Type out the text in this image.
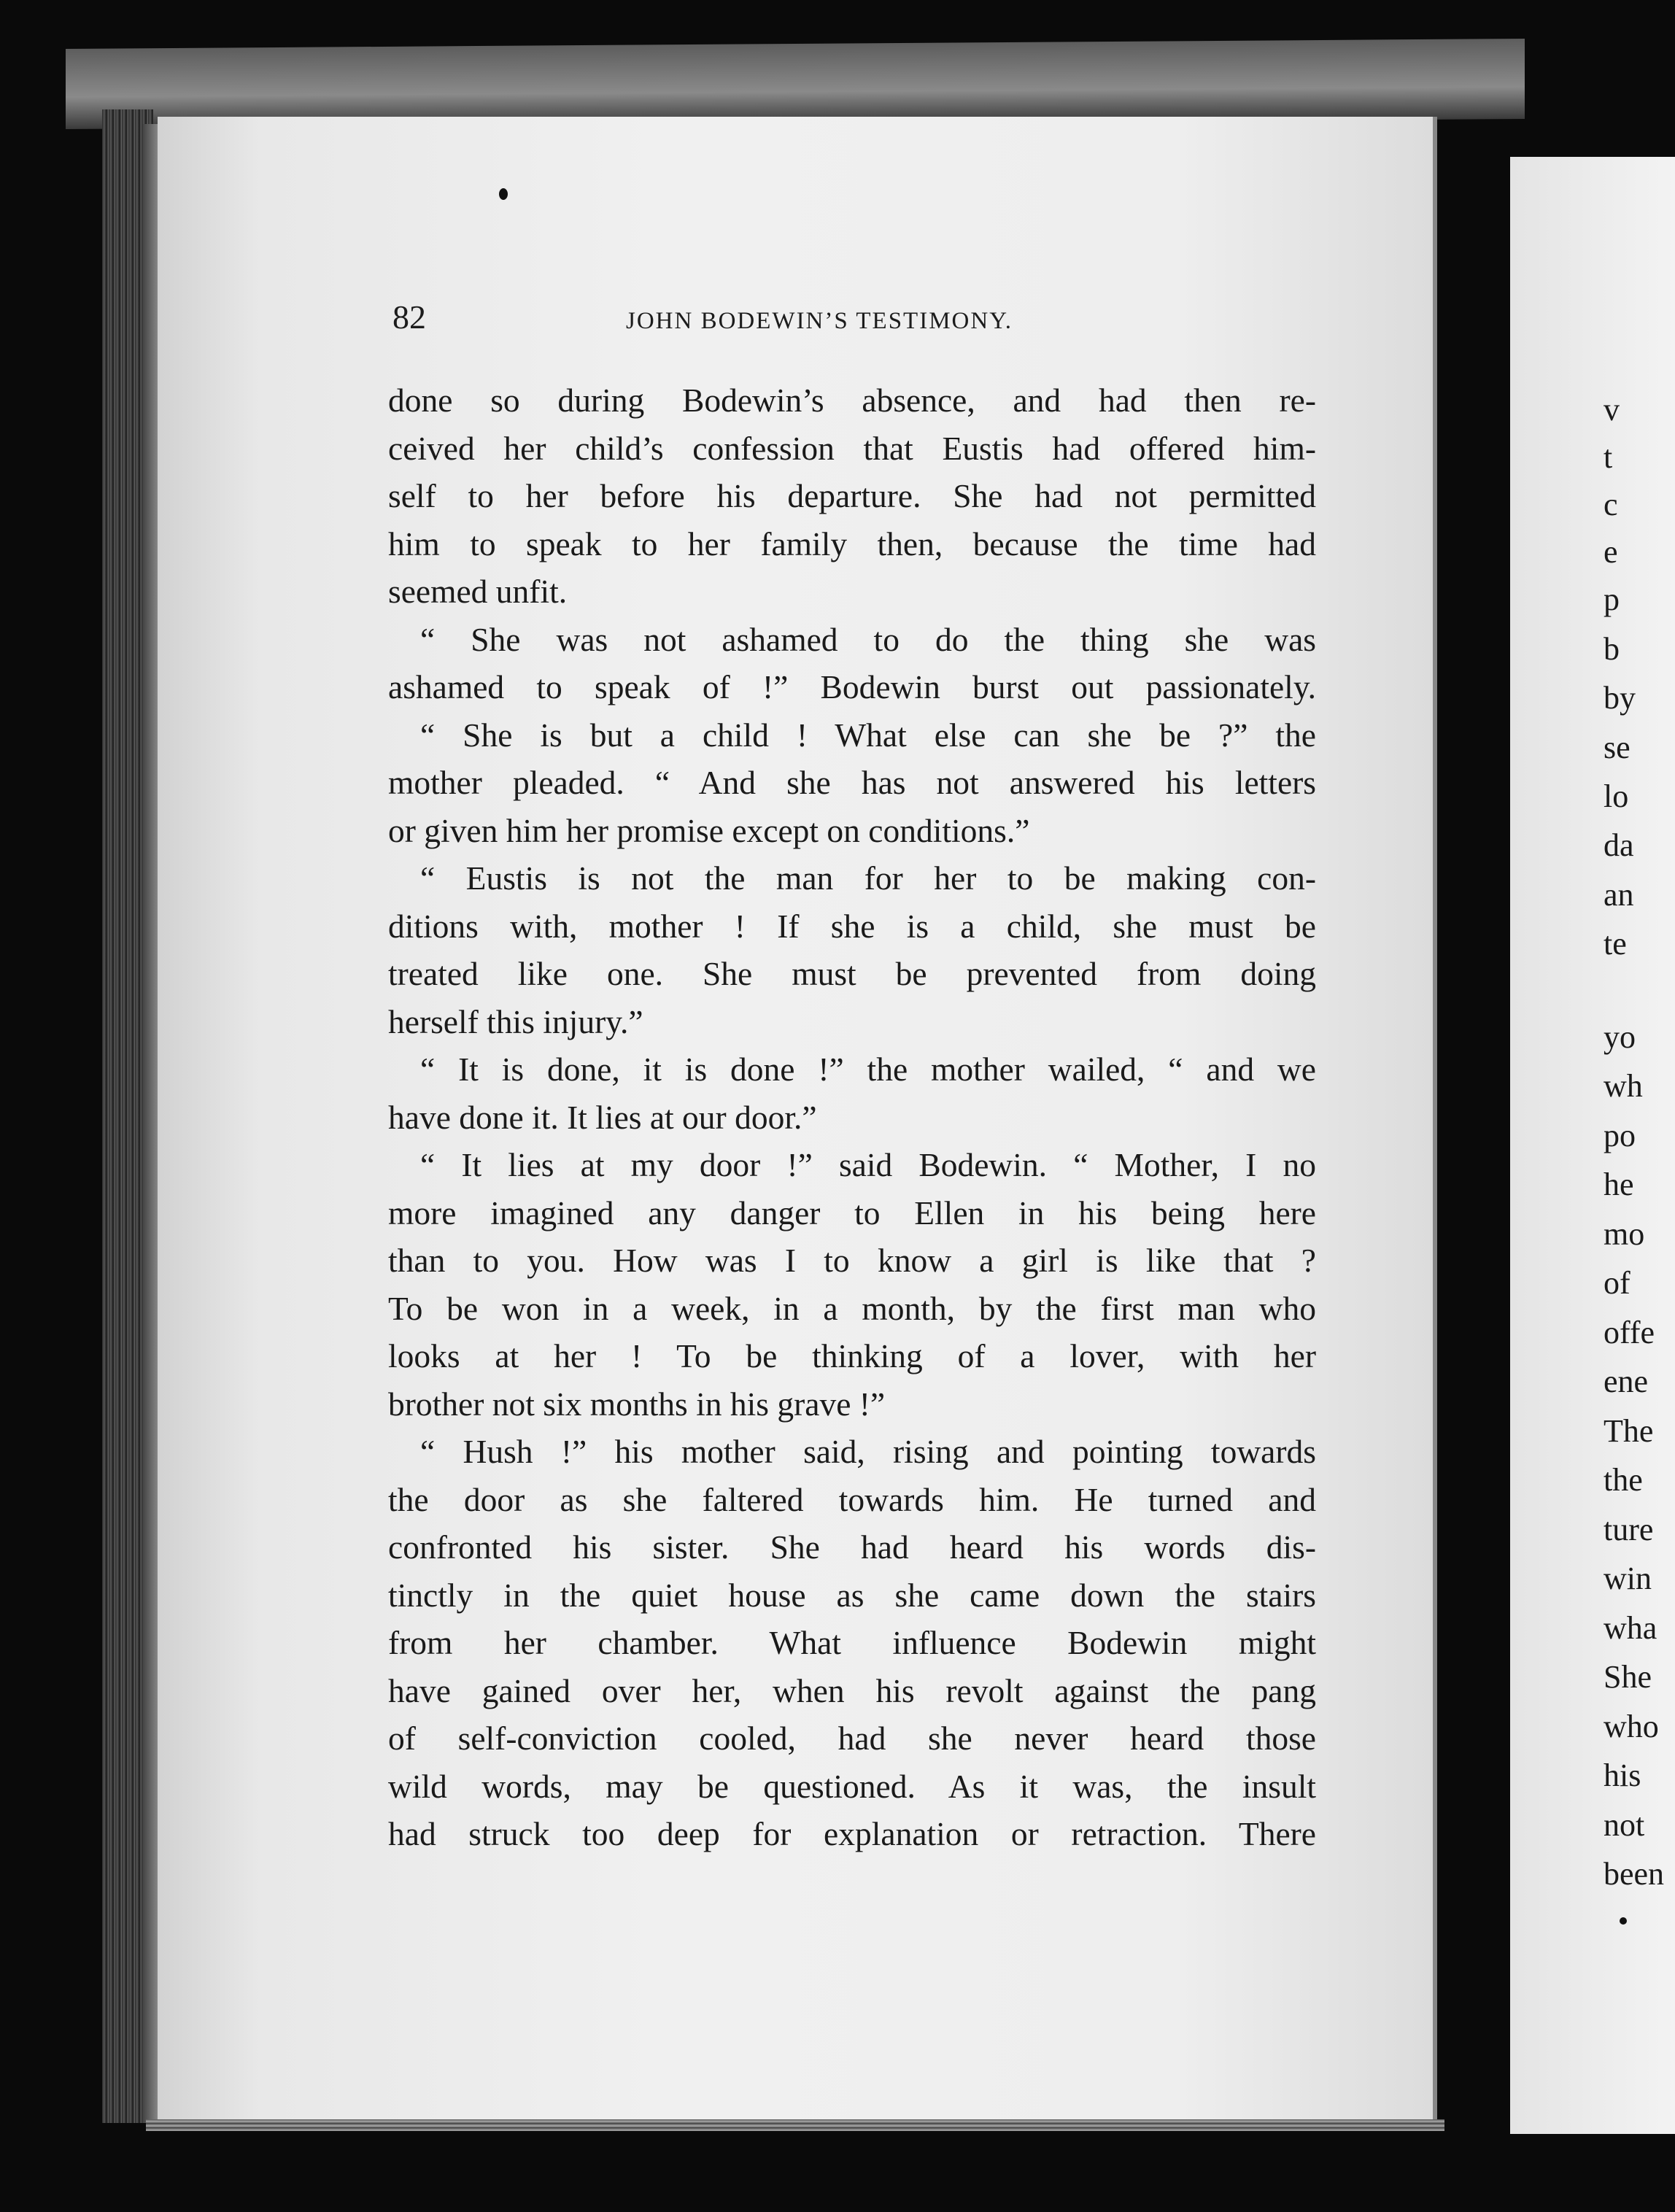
v
t
c
e
p
b
by
se
lo
da
an
te
yo
wh
po
he
mo
of
offe
ene
The
the
ture
win
wha
She
who
his
not
been
82	JOHN BODEWIN’S TESTIMONY.
done so during Bodewin’s absence, and had then re-
ceived her child’s confession that Eustis had offered him-
self to her before his departure. She had not permitted
him to speak to her family then, because the time had
seemed unfit.
“ She was not ashamed to do the thing she was
ashamed to speak of !” Bodewin burst out passionately.
“ She is but a child ! What else can she be ?” the
mother pleaded. “ And she has not answered his letters
or given him her promise except on conditions.”
“ Eustis is not the man for her to be making con-
ditions with, mother ! If she is a child, she must be
treated like one. She must be prevented from doing
herself this injury.”
“ It is done, it is done !” the mother wailed, “ and we
have done it. It lies at our door.”
“ It lies at my door !” said Bodewin. “ Mother, I no
more imagined any danger to Ellen in his being here
than to you. How was I to know a girl is like that ?
To be won in a week, in a month, by the first man who
looks at her ! To be thinking of a lover, with her
brother not six months in his grave !”
“ Hush !” his mother said, rising and pointing towards
the door as she faltered towards him. He turned and
confronted his sister. She had heard his words dis-
tinctly in the quiet house as she came down the stairs
from her chamber. What influence Bodewin might
have gained over her, when his revolt against the pang
of self-conviction cooled, had she never heard those
wild words, may be questioned. As it was, the insult
had struck too deep for explanation or retraction. There
